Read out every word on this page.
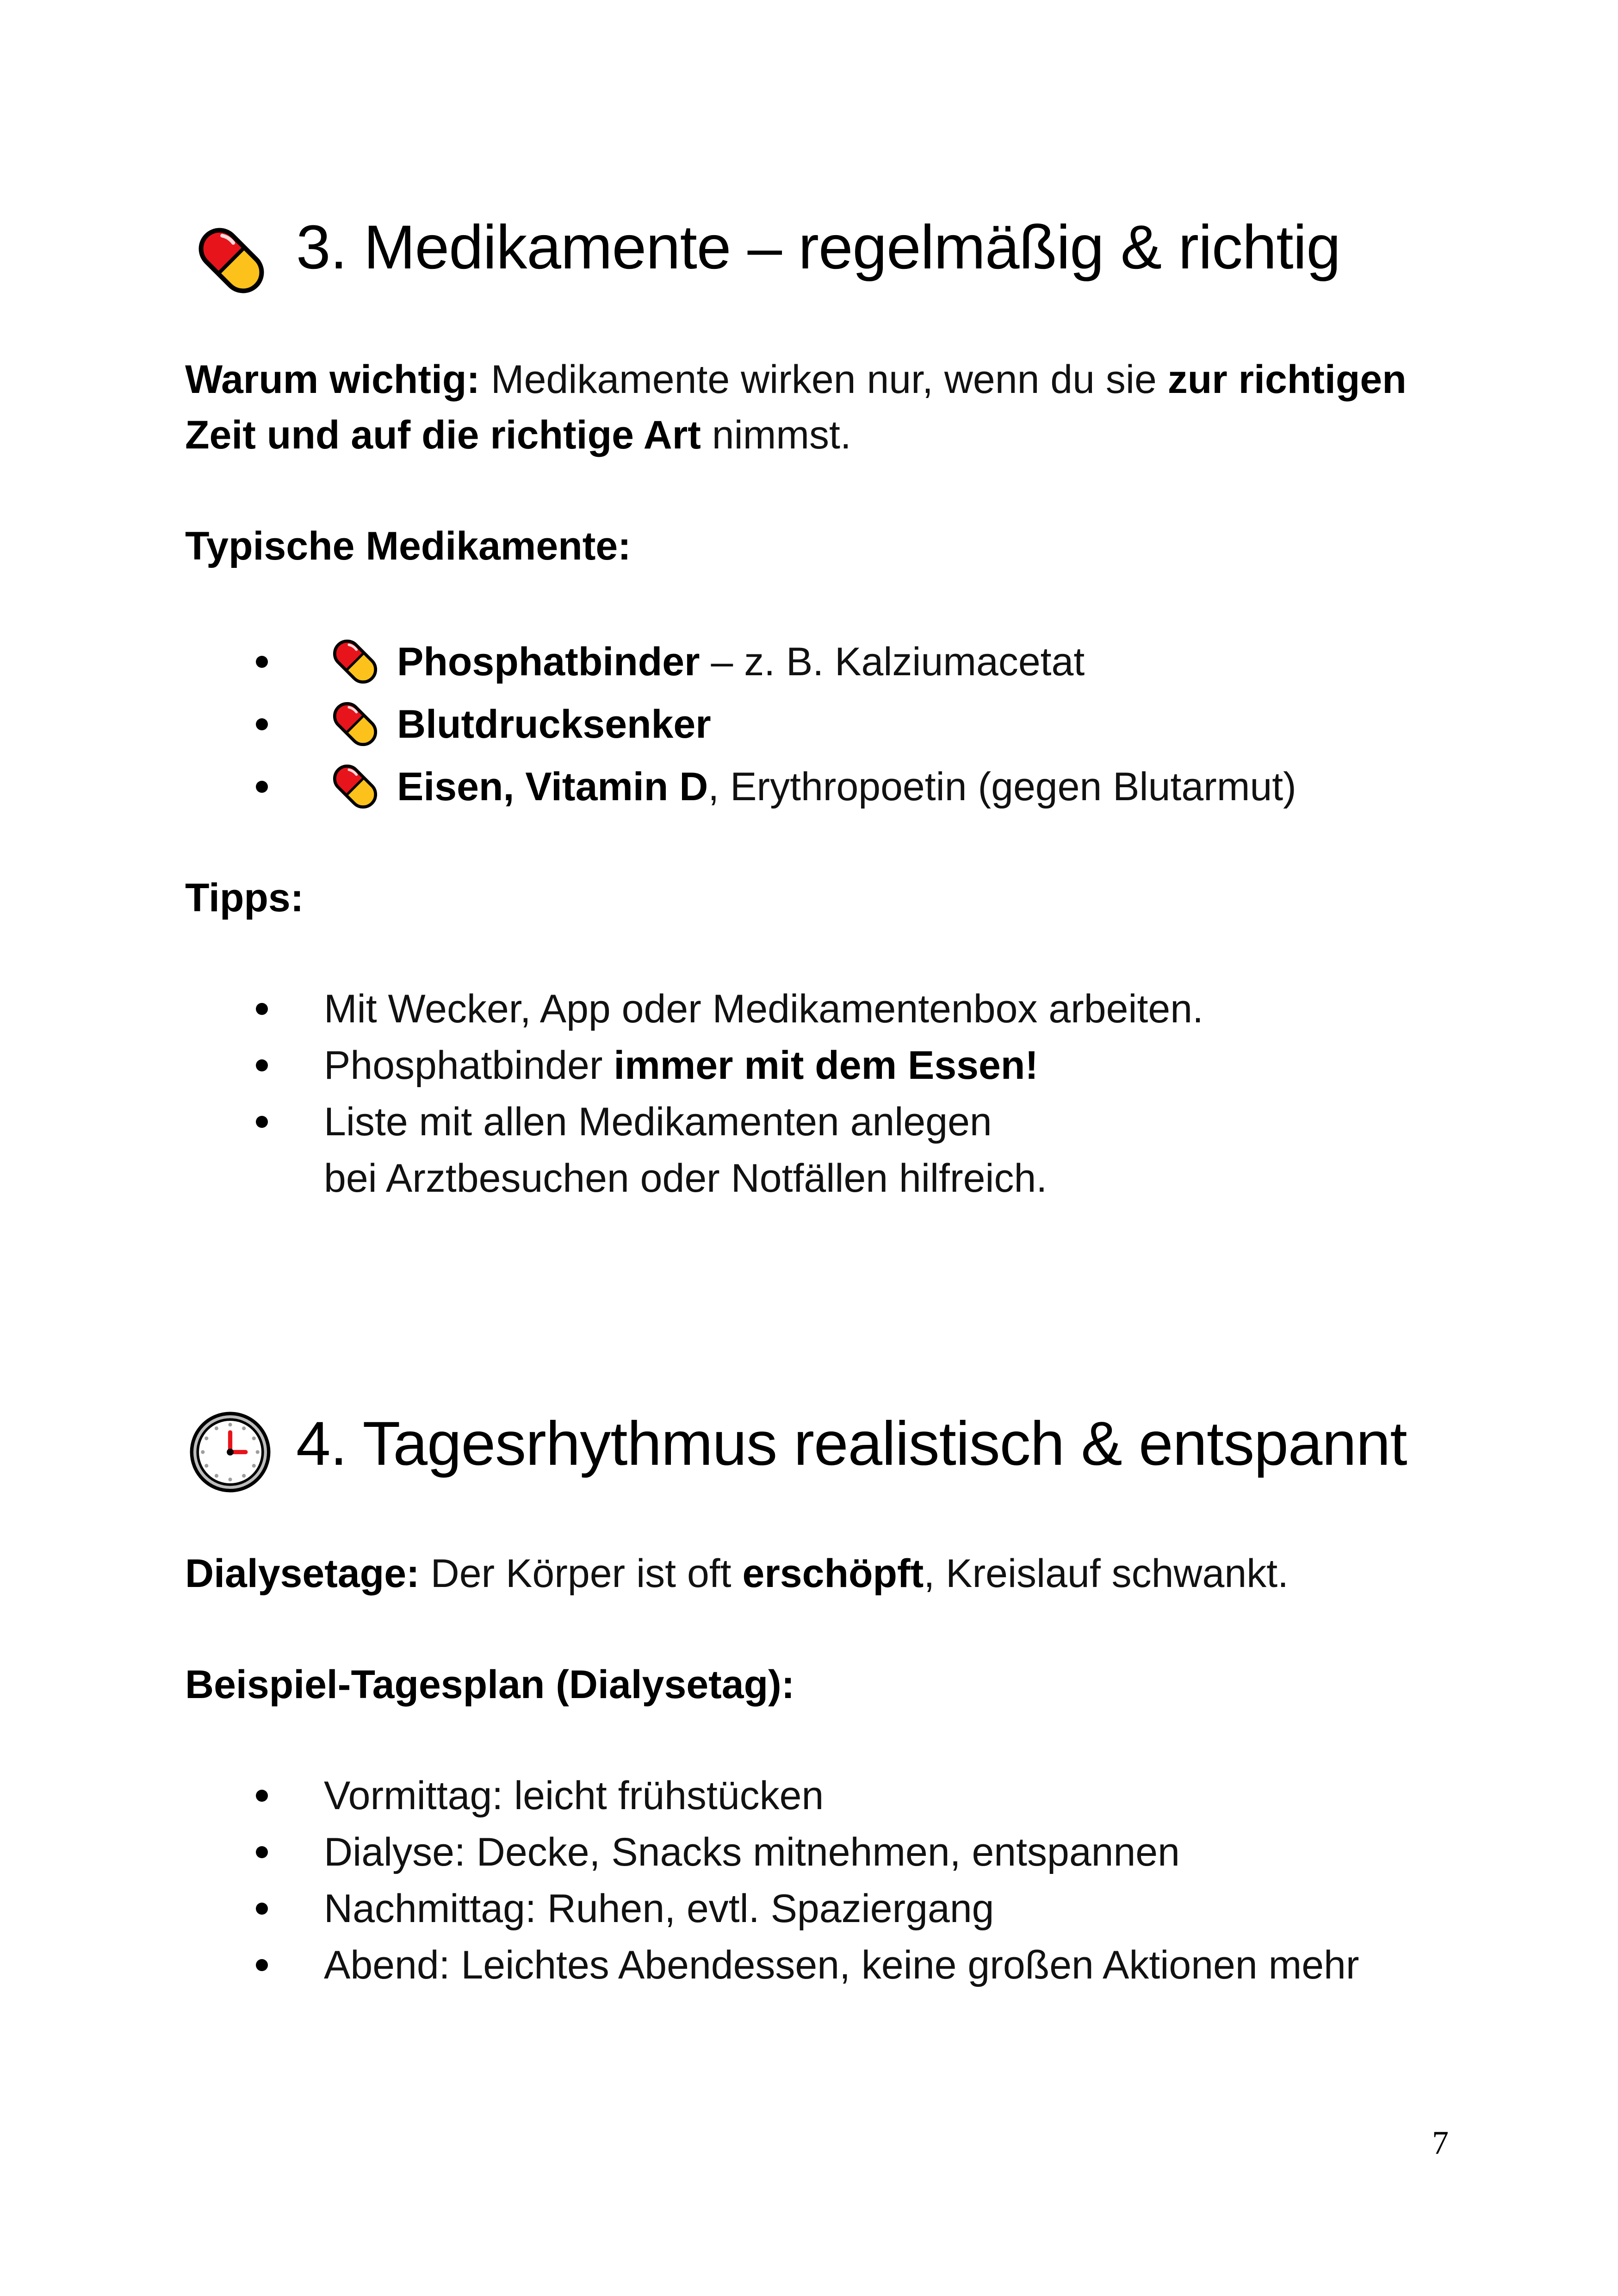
3. Medikamente – regelmäßig & richtig
Warum wichtig: Medikamente wirken nur, wenn du sie zur richtigen
Zeit und auf die richtige Art nimmst.
Typische Medikamente:
Phosphatbinder – z. B. Kalziumacetat
Blutdrucksenker
Eisen, Vitamin D, Erythropoetin (gegen Blutarmut)
Tipps:
Mit Wecker, App oder Medikamentenbox arbeiten.
Phosphatbinder immer mit dem Essen!
Liste mit allen Medikamenten anlegen
bei Arztbesuchen oder Notfällen hilfreich.
4. Tagesrhythmus realistisch & entspannt
Dialysetage: Der Körper ist oft erschöpft, Kreislauf schwankt.
Beispiel-Tagesplan (Dialysetag):
Vormittag: leicht frühstücken
Dialyse: Decke, Snacks mitnehmen, entspannen
Nachmittag: Ruhen, evtl. Spaziergang
Abend: Leichtes Abendessen, keine großen Aktionen mehr
7
